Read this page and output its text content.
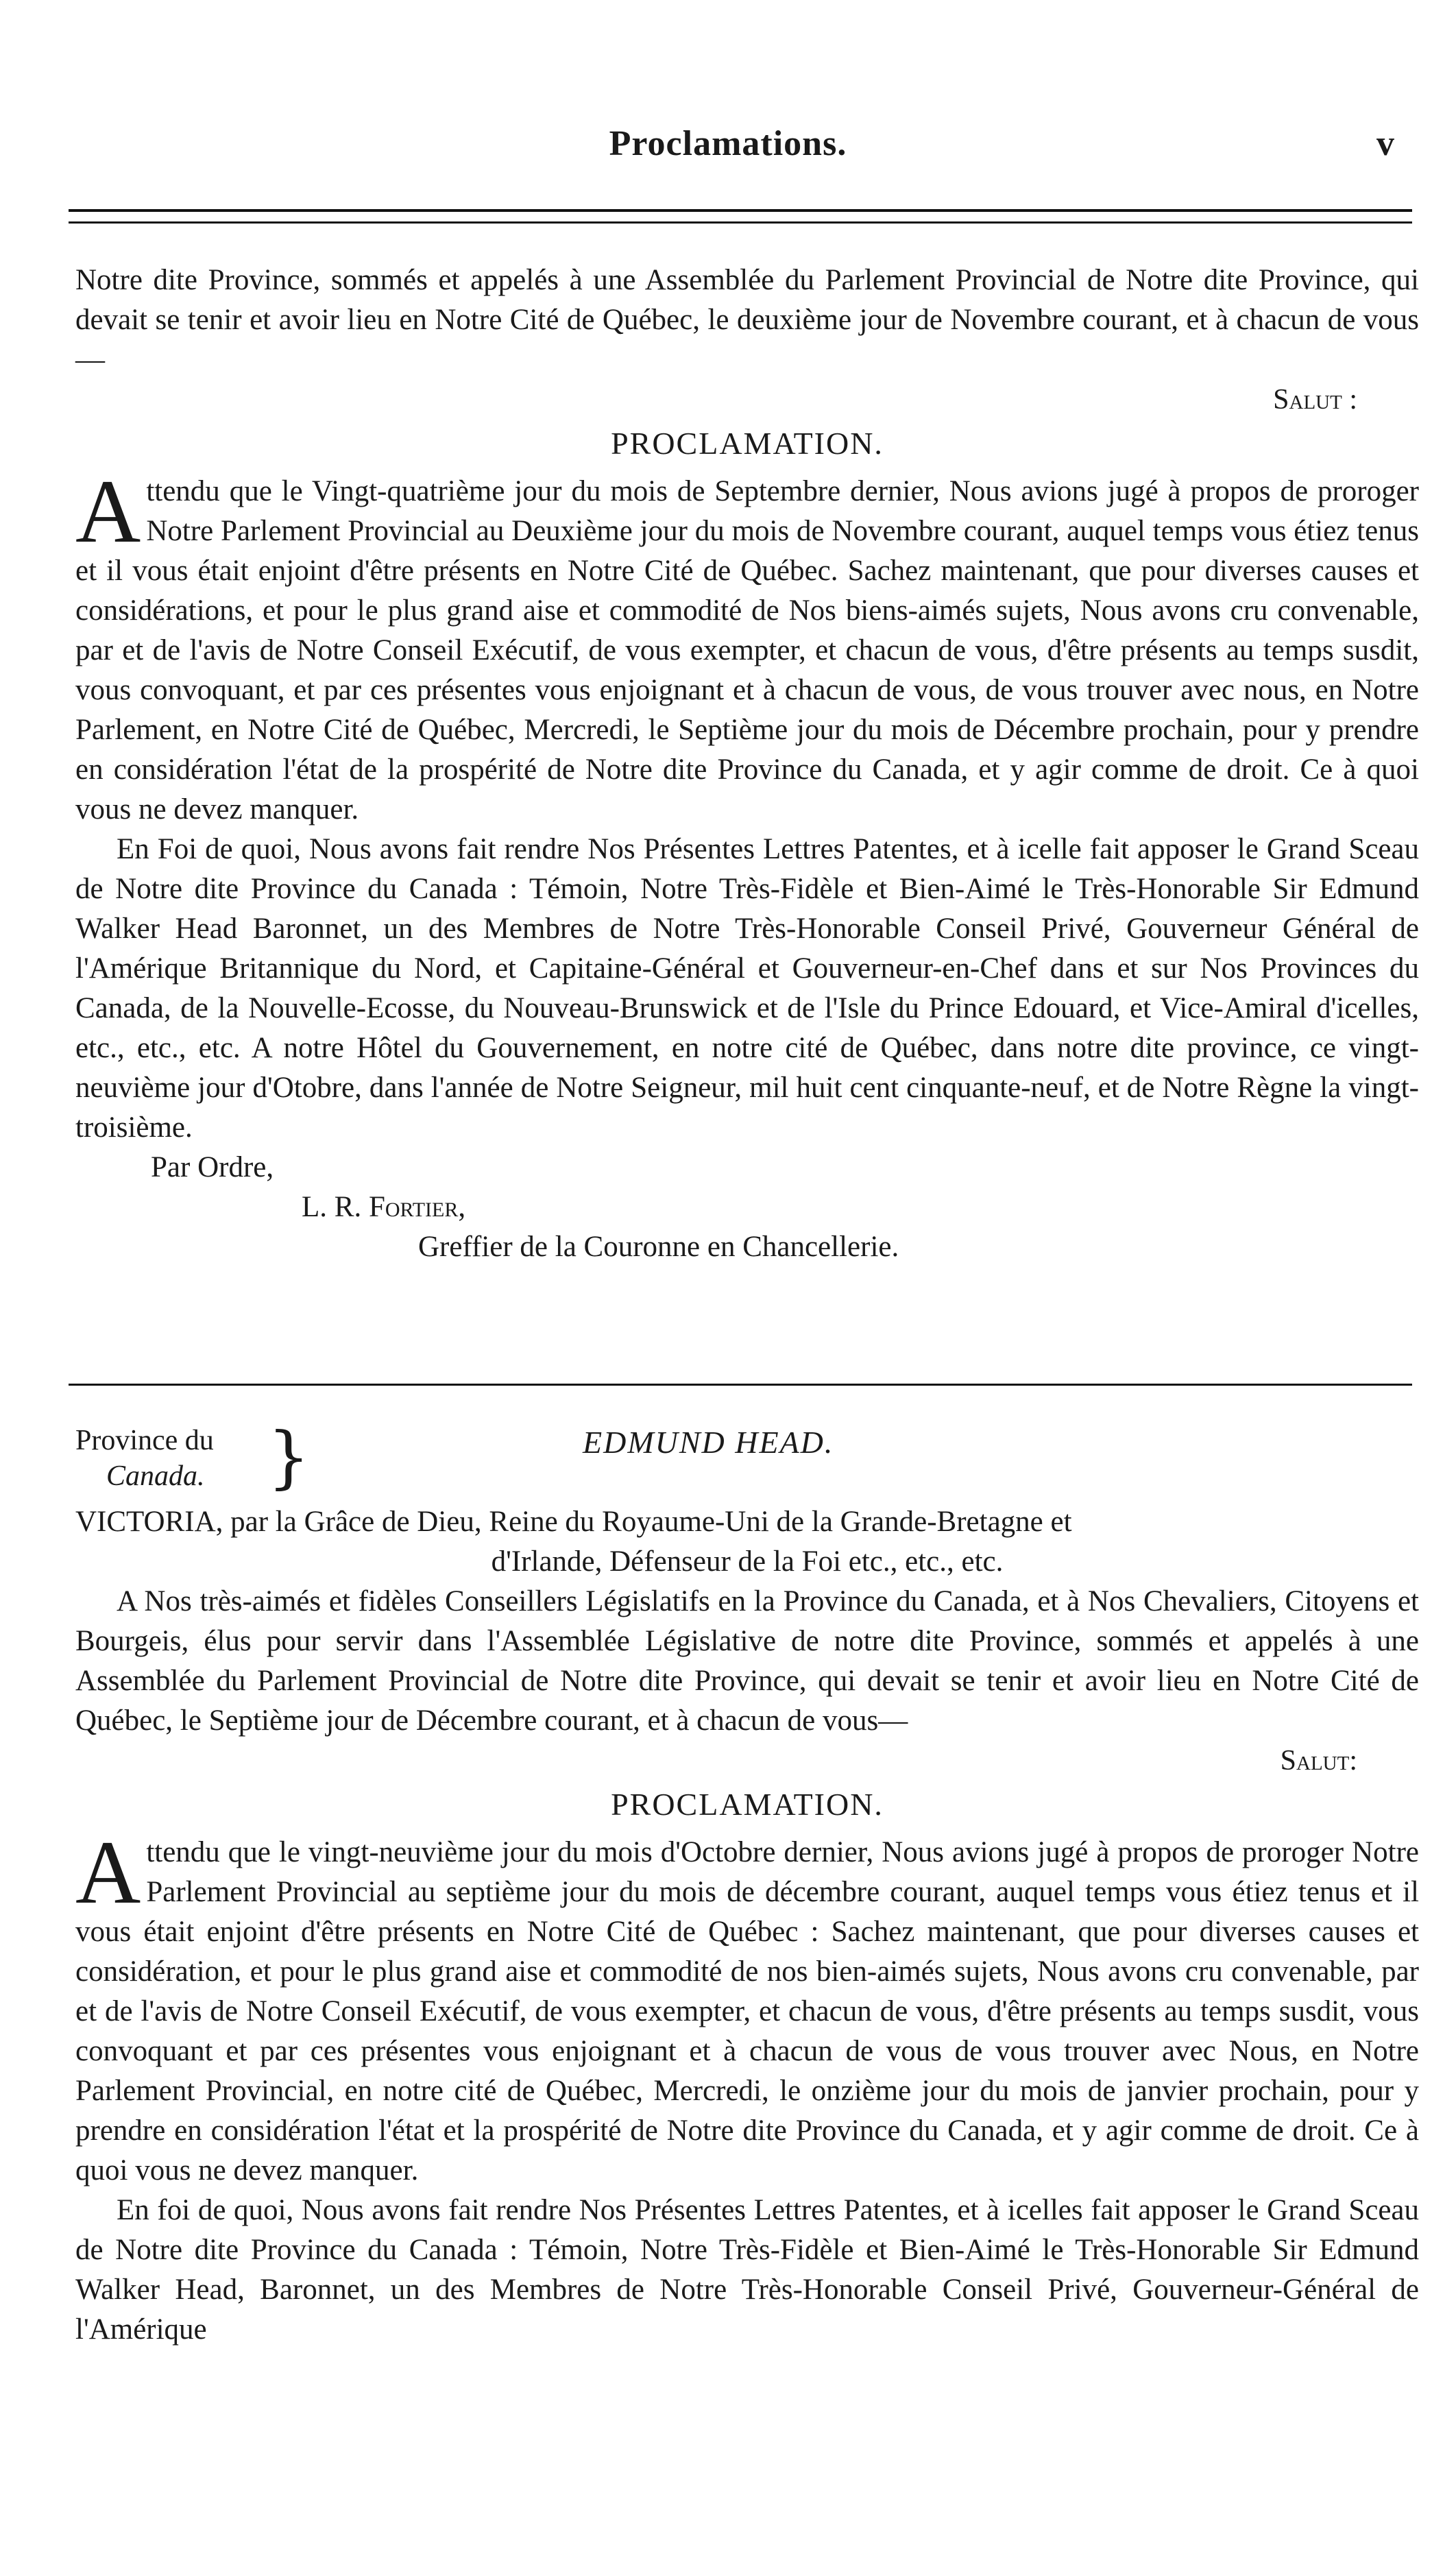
Proclamations.	v

Notre dite Province, sommés et appelés à une Assemblée du Parlement Provincial de Notre dite Province, qui devait se tenir et avoir lieu en Notre Cité de Québec, le deuxième jour de Novembre courant, et à chacun de vous—

Salut :
PROCLAMATION.

Attendu que le Vingt-quatrième jour du mois de Septembre dernier, Nous avions jugé à propos de proroger Notre Parlement Provincial au Deuxième jour du mois de Novembre courant, auquel temps vous étiez tenus et il vous était enjoint d'être présents en Notre Cité de Québec. Sachez maintenant, que pour diverses causes et considérations, et pour le plus grand aise et commodité de Nos biens-aimés sujets, Nous avons cru convenable, par et de l'avis de Notre Conseil Exécutif, de vous exempter, et chacun de vous, d'être présents au temps susdit, vous convoquant, et par ces présentes vous enjoignant et à chacun de vous, de vous trouver avec nous, en Notre Parlement, en Notre Cité de Québec, Mercredi, le Septième jour du mois de Décembre prochain, pour y prendre en considération l'état de la prospérité de Notre dite Province du Canada, et y agir comme de droit. Ce à quoi vous ne devez manquer.

En Foi de quoi, Nous avons fait rendre Nos Présentes Lettres Patentes, et à icelle fait apposer le Grand Sceau de Notre dite Province du Canada : Témoin, Notre Très-Fidèle et Bien-Aimé le Très-Honorable Sir Edmund Walker Head Baronnet, un des Membres de Notre Très-Honorable Conseil Privé, Gouverneur Général de l'Amérique Britannique du Nord, et Capitaine-Général et Gouverneur-en-Chef dans et sur Nos Provinces du Canada, de la Nouvelle-Ecosse, du Nouveau-Brunswick et de l'Isle du Prince Edouard, et Vice-Amiral d'icelles, etc., etc., etc. A notre Hôtel du Gouvernement, en notre cité de Québec, dans notre dite province, ce vingt-neuvième jour d'Otobre, dans l'année de Notre Seigneur, mil huit cent cinquante-neuf, et de Notre Règne la vingt-troisième.

Par Ordre,
L. R. Fortier,
Greffier de la Couronne en Chancellerie.
Province du
Canada. }	EDMUND HEAD.

VICTORIA, par la Grâce de Dieu, Reine du Royaume-Uni de la Grande-Bretagne et

d'Irlande, Défenseur de la Foi etc., etc., etc.

A Nos très-aimés et fidèles Conseillers Législatifs en la Province du Canada, et à Nos Chevaliers, Citoyens et Bourgeis, élus pour servir dans l'Assemblée Législative de notre dite Province, sommés et appelés à une Assemblée du Parlement Provincial de Notre dite Province, qui devait se tenir et avoir lieu en Notre Cité de Québec, le Septième jour de Décembre courant, et à chacun de vous—

Salut:
PROCLAMATION.

Attendu que le vingt-neuvième jour du mois d'Octobre dernier, Nous avions jugé à propos de proroger Notre Parlement Provincial au septième jour du mois de décembre courant, auquel temps vous étiez tenus et il vous était enjoint d'être présents en Notre Cité de Québec : Sachez maintenant, que pour diverses causes et considération, et pour le plus grand aise et commodité de nos bien-aimés sujets, Nous avons cru convenable, par et de l'avis de Notre Conseil Exécutif, de vous exempter, et chacun de vous, d'être présents au temps susdit, vous convoquant et par ces présentes vous enjoignant et à chacun de vous de vous trouver avec Nous, en Notre Parlement Provincial, en notre cité de Québec, Mercredi, le onzième jour du mois de janvier prochain, pour y prendre en considération l'état et la prospérité de Notre dite Province du Canada, et y agir comme de droit. Ce à quoi vous ne devez manquer.

En foi de quoi, Nous avons fait rendre Nos Présentes Lettres Patentes, et à icelles fait apposer le Grand Sceau de Notre dite Province du Canada : Témoin, Notre Très-Fidèle et Bien-Aimé le Très-Honorable Sir Edmund Walker Head, Baronnet, un des Membres de Notre Très-Honorable Conseil Privé, Gouverneur-Général de l'Amérique
